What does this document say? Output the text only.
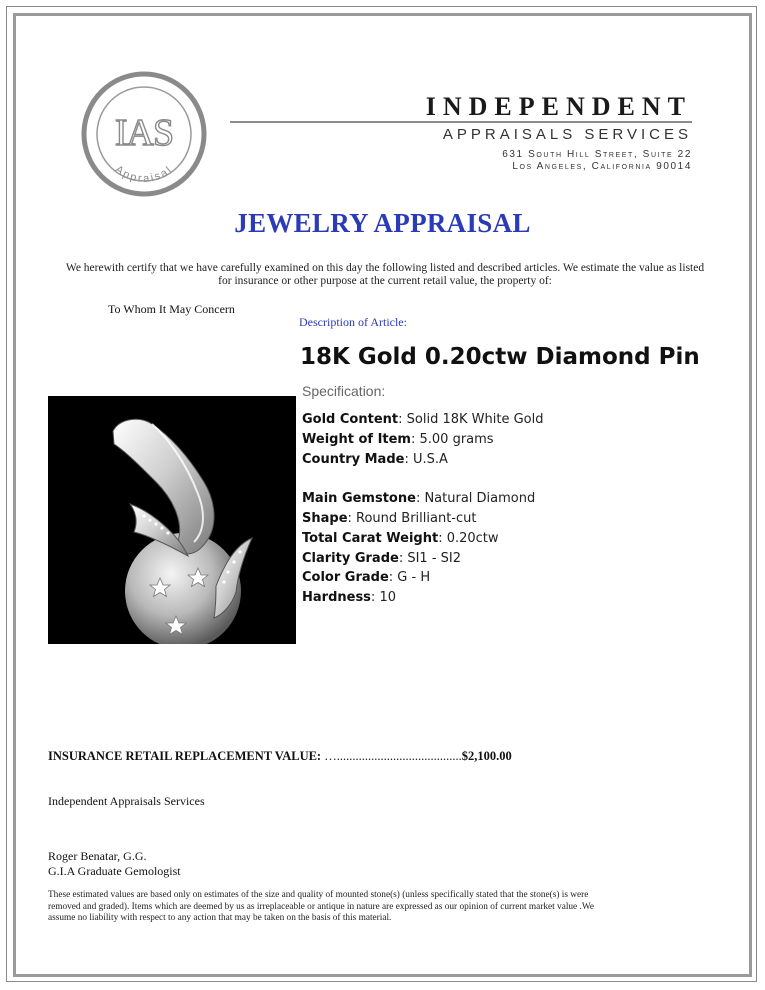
IAS
Appraisal
INDEPENDENT
APPRAISALS SERVICES
631 South Hill Street, Suite 22
Los Angeles, California 90014
JEWELRY APPRAISAL
We herewith certify that we have carefully examined on this day the following listed and described articles. We estimate the value as listed for insurance or other purpose at the current retail value, the property of:
To Whom It May Concern
Description of Article:
18K Gold 0.20ctw Diamond Pin
Specification:
Gold Content: Solid 18K White Gold
Weight of Item: 5.00 grams
Country Made: U.S.A
Main Gemstone: Natural Diamond
Shape: Round Brilliant-cut
Total Carat Weight: 0.20ctw
Clarity Grade: SI1 - SI2
Color Grade: G - H
Hardness: 10
INSURANCE RETAIL REPLACEMENT VALUE: …........................................$2,100.00
Independent Appraisals Services
Roger Benatar, G.G.
G.I.A Graduate Gemologist
These estimated values are based only on estimates of the size and quality of mounted stone(s) (unless specifically stated that the stone(s) is were removed and graded). Items which are deemed by us as irreplaceable or antique in nature are expressed as our opinion of current market value .We assume no liability with respect to any action that may be taken on the basis of this material.
